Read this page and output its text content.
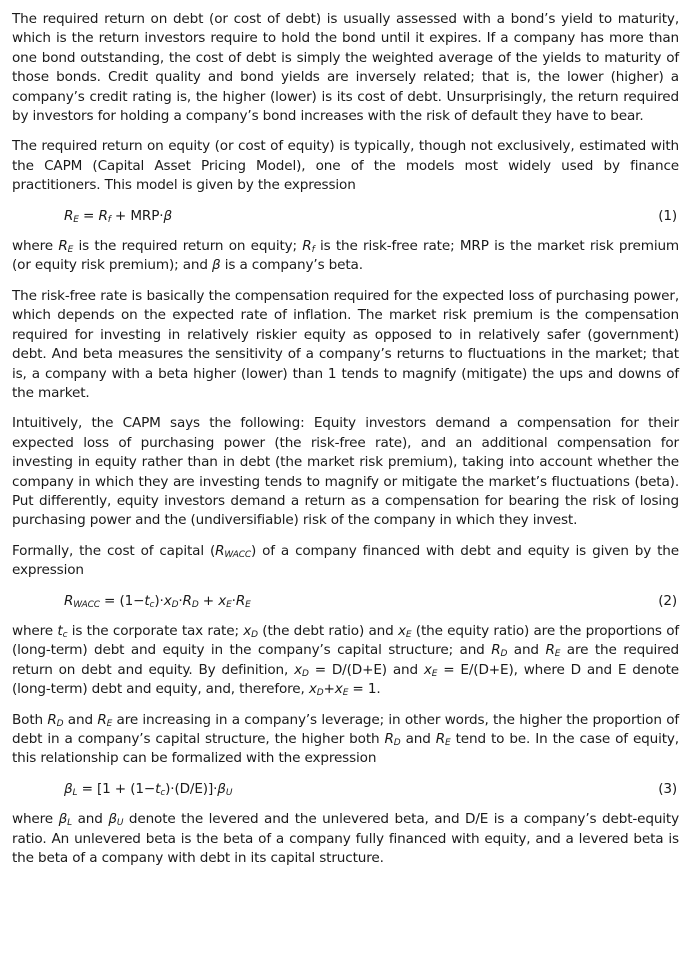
The required return on debt (or cost of debt) is usually assessed with a bond’s yield to maturity, which is the return investors require to hold the bond until it expires. If a company has more than one bond outstanding, the cost of debt is simply the weighted average of the yields to maturity of those bonds. Credit quality and bond yields are inversely related; that is, the lower (higher) a company’s credit rating is, the higher (lower) is its cost of debt. Unsurprisingly, the return required by investors for holding a company’s bond increases with the risk of default they have to bear.

The required return on equity (or cost of equity) is typically, though not exclusively, estimated with the CAPM (Capital Asset Pricing Model), one of the models most widely used by finance practitioners. This model is given by the expression

$R_E = R_f + MRP\cdot\beta$	(1)

where $R_E$ is the required return on equity; $R_f$ is the risk-free rate; MRP is the market risk premium (or equity risk premium); and β is a company’s beta.

The risk-free rate is basically the compensation required for the expected loss of purchasing power, which depends on the expected rate of inflation. The market risk premium is the compensation required for investing in relatively riskier equity as opposed to in relatively safer (government) debt. And beta measures the sensitivity of a company’s returns to fluctuations in the market; that is, a company with a beta higher (lower) than 1 tends to magnify (mitigate) the ups and downs of the market.

Intuitively, the CAPM says the following: Equity investors demand a compensation for their expected loss of purchasing power (the risk-free rate), and an additional compensation for investing in equity rather than in debt (the market risk premium), taking into account whether the company in which they are investing tends to magnify or mitigate the market’s fluctuations (beta). Put differently, equity investors demand a return as a compensation for bearing the risk of losing purchasing power and the (undiversifiable) risk of the company in which they invest.

Formally, the cost of capital $(R_{WACC})$ of a company financed with debt and equity is given by the expression

$R_{WACC} = (1-t_c)\cdot x_D\cdot R_D + x_E\cdot R_E$	(2)

where $t_c$ is the corporate tax rate; $x_D$ (the debt ratio) and $x_E$ (the equity ratio) are the proportions of (long-term) debt and equity in the company’s capital structure; and $R_D$ and $R_E$ are the required return on debt and equity. By definition, $x_D = D/(D+E)$ and $x_E = E/(D+E)$, where D and E denote (long-term) debt and equity, and, therefore, $x_D+x_E = 1$.

Both $R_D$ and $R_E$ are increasing in a company’s leverage; in other words, the higher the proportion of debt in a company’s capital structure, the higher both $R_D$ and $R_E$ tend to be. In the case of equity, this relationship can be formalized with the expression

$\beta_L = [1 + (1-t_c)\cdot(D/E)]\cdot\beta_U$	(3)

where $\beta_L$ and $\beta_U$ denote the levered and the unlevered beta, and D/E is a company’s debt-equity ratio. An unlevered beta is the beta of a company fully financed with equity, and a levered beta is the beta of a company with debt in its capital structure.
